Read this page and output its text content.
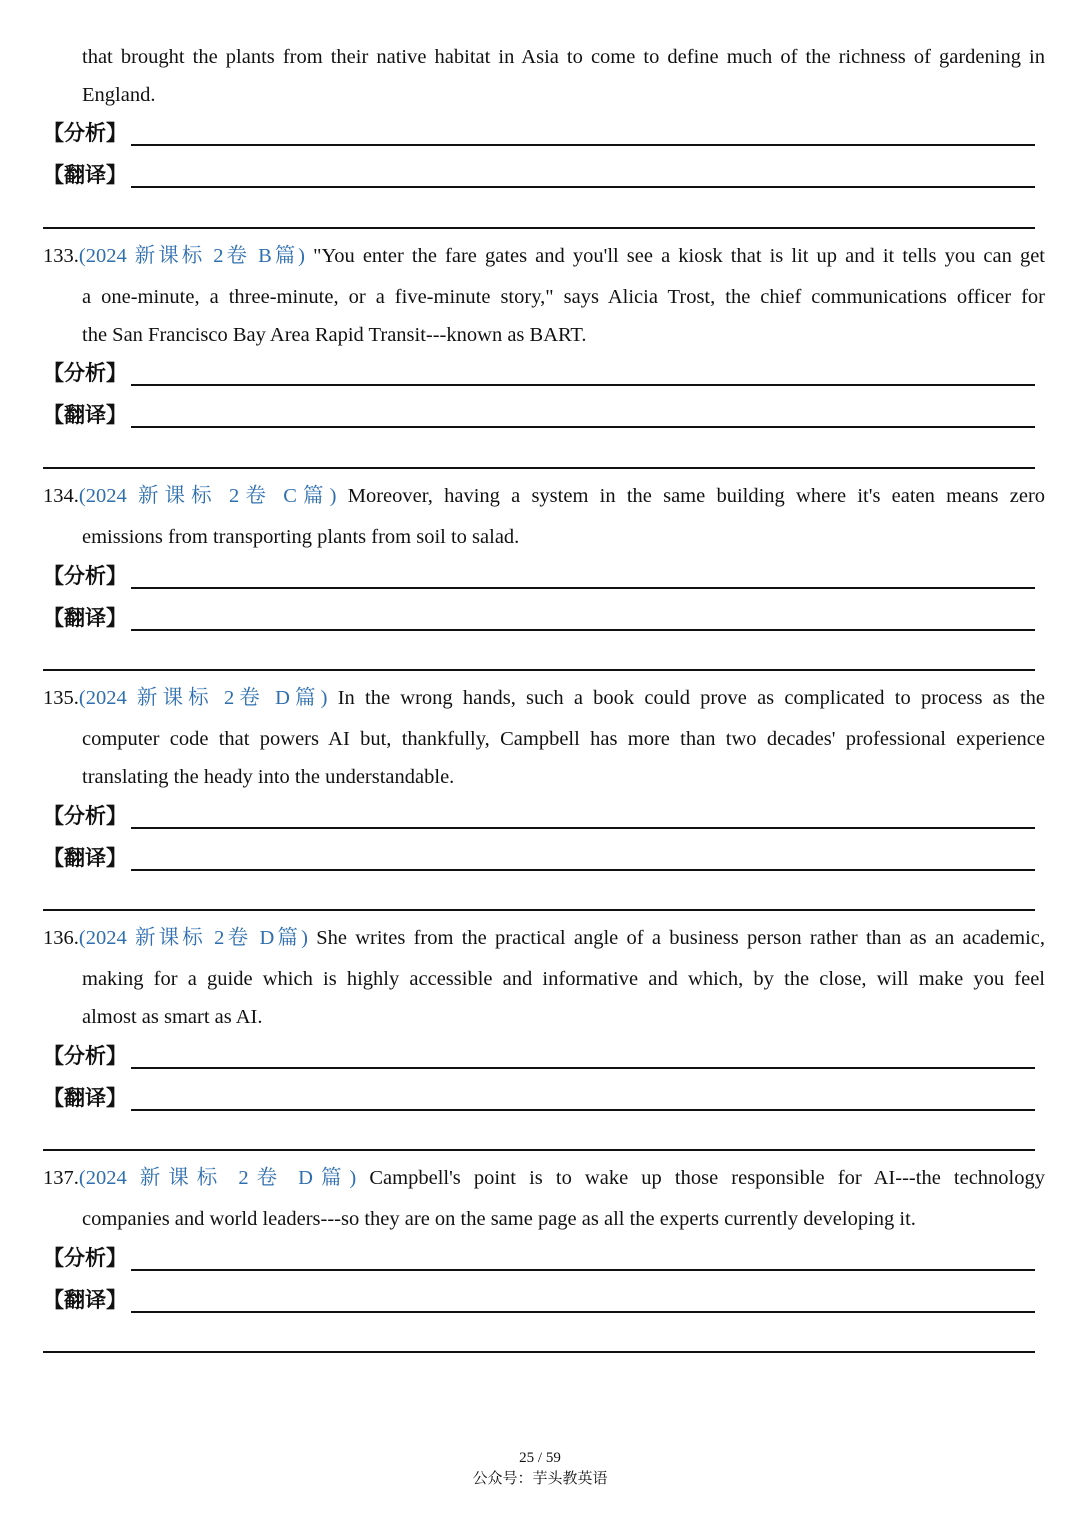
that brought the plants from their native habitat in Asia to come to define much of the richness of gardening in
England.
【分析】
【翻译】
133.(2024 新课标 2卷 B篇) "You enter the fare gates and you'll see a kiosk that is lit up and it tells you can get
a one-minute, a three-minute, or a five-minute story," says Alicia Trost, the chief communications officer for
the San Francisco Bay Area Rapid Transit---known as BART.
【分析】
【翻译】
134.(2024 新课标 2卷 C篇) Moreover, having a system in the same building where it's eaten means zero
emissions from transporting plants from soil to salad.
【分析】
【翻译】
135.(2024 新课标 2卷 D篇) In the wrong hands, such a book could prove as complicated to process as the
computer code that powers AI but, thankfully, Campbell has more than two decades' professional experience
translating the heady into the understandable.
【分析】
【翻译】
136.(2024 新课标 2卷 D篇) She writes from the practical angle of a business person rather than as an academic,
making for a guide which is highly accessible and informative and which, by the close, will make you feel
almost as smart as AI.
【分析】
【翻译】
137.(2024 新课标 2卷 D篇) Campbell's point is to wake up those responsible for AI---the technology
companies and world leaders---so they are on the same page as all the experts currently developing it.
【分析】
【翻译】
25 / 59
公众号：芋头教英语
